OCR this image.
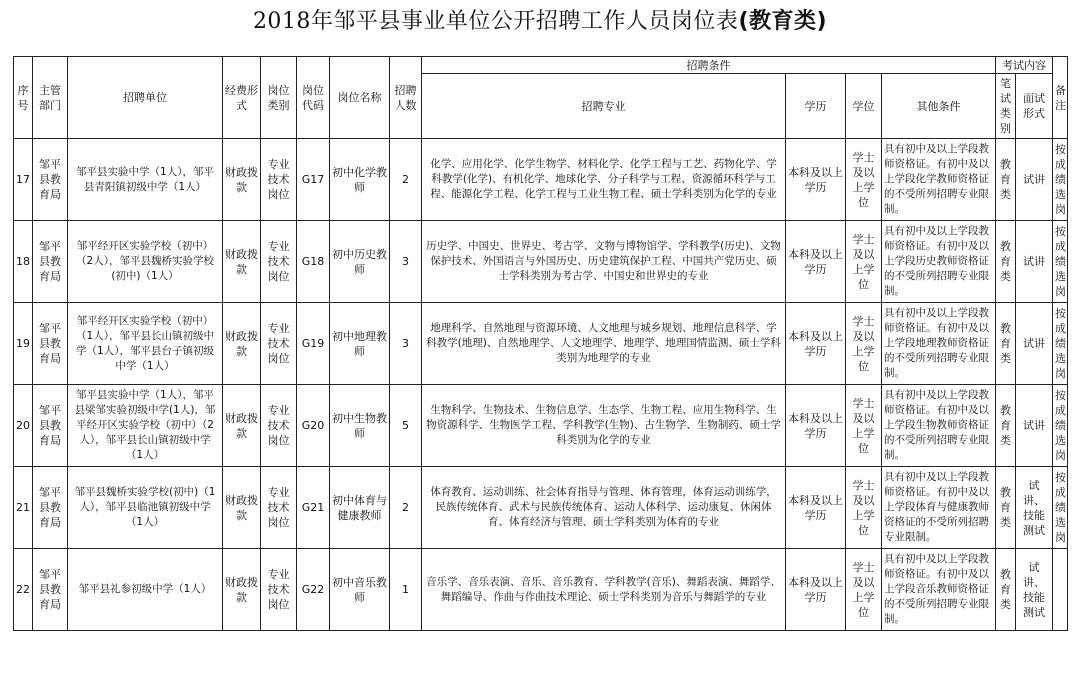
2018年邹平县事业单位公开招聘工作人员岗位表(教育类)
序号	主管部门	招聘单位	经费形式	岗位类别	岗位代码	岗位名称	招聘人数	招聘条件				考试内容		备注
								招聘专业	学历	学位	其他条件	笔试类别	面试形式	
17	邹平县教育局	邹平县实验中学（1人），邹平县青阳镇初级中学（1人）	财政拨款	专业技术岗位	G17	初中化学教师	2	化学、应用化学、化学生物学、材料化学、化学工程与工艺、药物化学、学科教学(化学)、有机化学、地球化学、分子科学与工程、资源循环科学与工程、能源化学工程、化学工程与工业生物工程、硕士学科类别为化学的专业	本科及以上学历	学士及以上学位	具有初中及以上学段教师资格证。有初中及以上学段化学教师资格证的不受所列招聘专业限制。	教育类	试讲	按成绩选岗
18	邹平县教育局	邹平经开区实验学校（初中）（2人），邹平县魏桥实验学校(初中)（1人）	财政拨款	专业技术岗位	G18	初中历史教师	3	历史学、中国史、世界史、考古学、文物与博物馆学、学科教学(历史)、文物保护技术、外国语言与外国历史、历史建筑保护工程、中国共产党历史、硕士学科类别为考古学、中国史和世界史的专业	本科及以上学历	学士及以上学位	具有初中及以上学段教师资格证。有初中及以上学段历史教师资格证的不受所列招聘专业限制。	教育类	试讲	按成绩选岗
19	邹平县教育局	邹平经开区实验学校（初中）（1人），邹平县长山镇初级中学（1人），邹平县台子镇初级中学（1人）	财政拨款	专业技术岗位	G19	初中地理教师	3	地理科学、自然地理与资源环境、人文地理与城乡规划、地理信息科学、学科教学(地理)、自然地理学、人文地理学、地理学、地理国情监测、硕士学科类别为地理学的专业	本科及以上学历	学士及以上学位	具有初中及以上学段教师资格证。有初中及以上学段地理教师资格证的不受所列招聘专业限制。	教育类	试讲	按成绩选岗
20	邹平县教育局	邹平县实验中学（1人），邹平县梁邹实验初级中学(1人)，邹平经开区实验学校（初中）（2人），邹平县长山镇初级中学（1人）	财政拨款	专业技术岗位	G20	初中生物教师	5	生物科学、生物技术、生物信息学、生态学、生物工程、应用生物科学、生物资源科学、生物医学工程、学科教学(生物)、古生物学、生物制药、硕士学科类别为化学的专业	本科及以上学历	学士及以上学位	具有初中及以上学段教师资格证。有初中及以上学段生物教师资格证的不受所列招聘专业限制。	教育类	试讲	按成绩选岗
21	邹平县教育局	邹平县魏桥实验学校(初中)（1人），邹平县临池镇初级中学（1人）	财政拨款	专业技术岗位	G21	初中体育与健康教师	2	体育教育、运动训练、社会体育指导与管理、体育管理，体育运动训练学，民族传统体育、武术与民族传统体育、运动人体科学、运动康复、休闲体育、体育经济与管理、硕士学科类别为体育的专业	本科及以上学历	学士及以上学位	具有初中及以上学段教师资格证。有初中及以上学段体育与健康教师资格证的不受所列招聘专业限制。	教育类	试讲、技能测试	按成绩选岗
22	邹平县教育局	邹平县礼参初级中学（1人）	财政拨款	专业技术岗位	G22	初中音乐教师	1	音乐学、音乐表演、音乐、音乐教育、学科教学(音乐)、舞蹈表演、舞蹈学、舞蹈编导、作曲与作曲技术理论、硕士学科类别为音乐与舞蹈学的专业	本科及以上学历	学士及以上学位	具有初中及以上学段教师资格证。有初中及以上学段音乐教师资格证的不受所列招聘专业限制。	教育类	试讲、技能测试	
